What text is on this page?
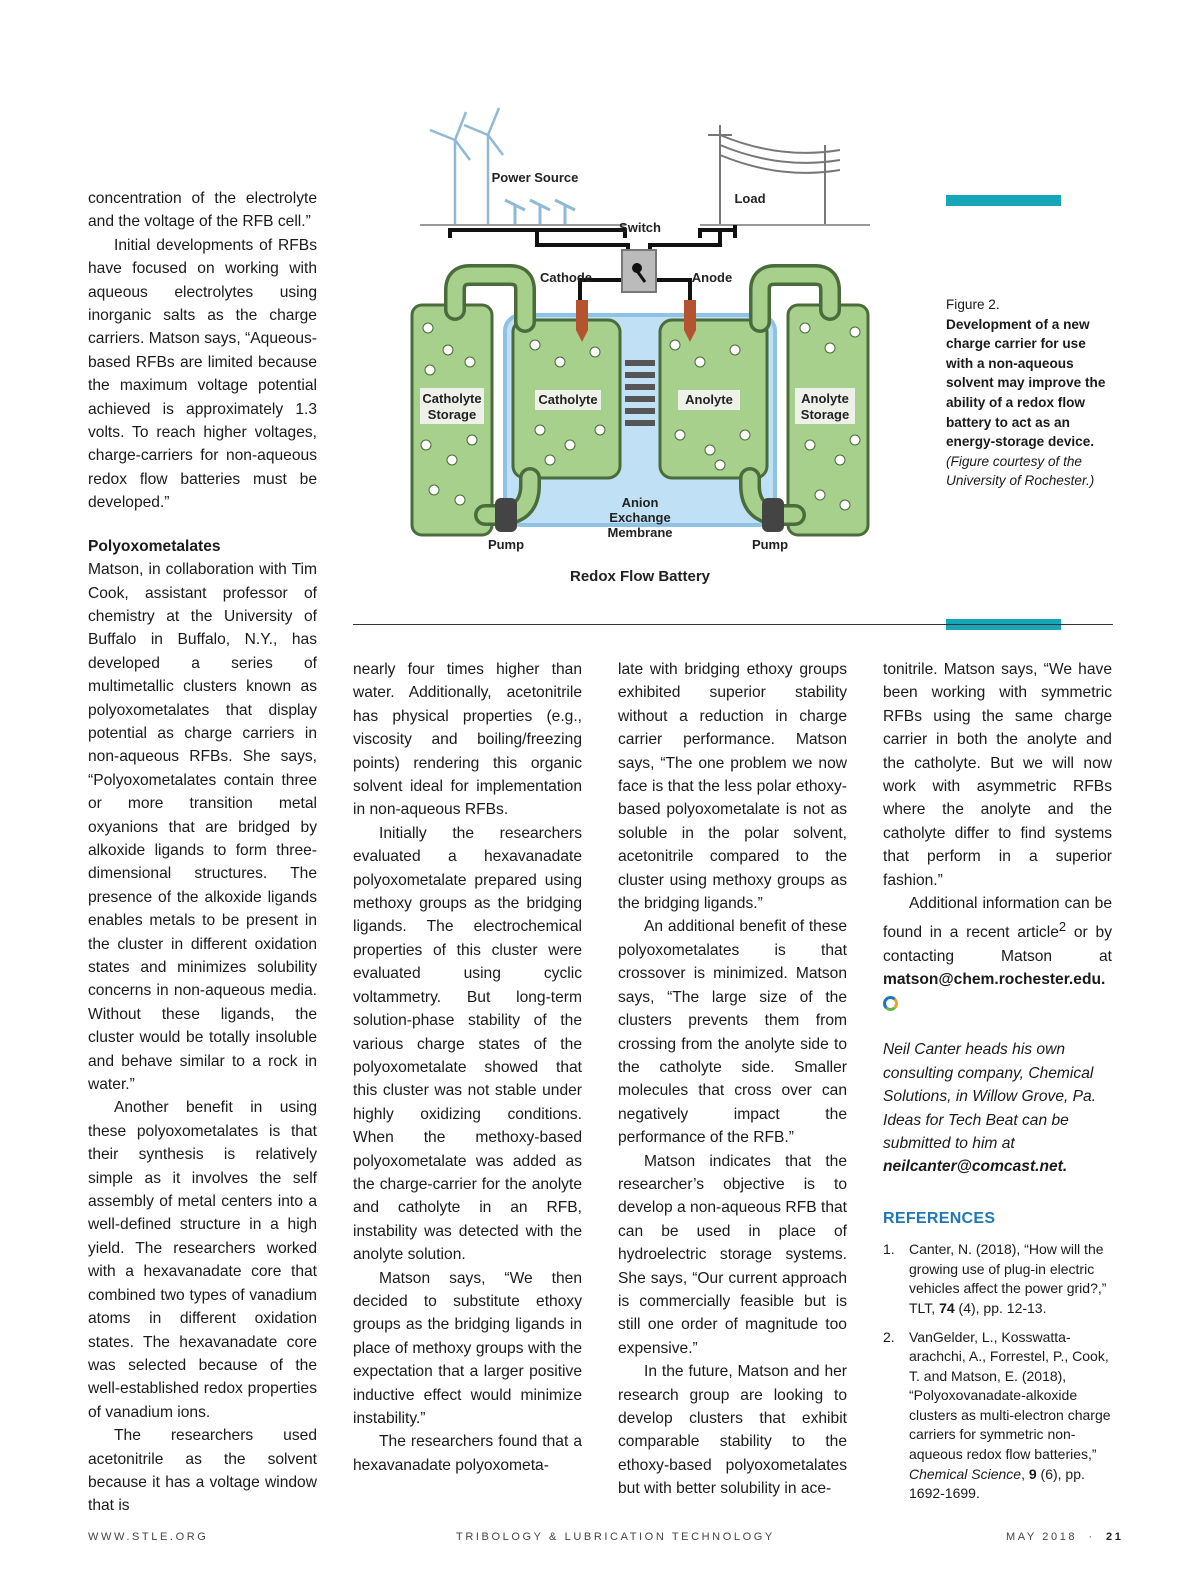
concentration of the electrolyte and the voltage of the RFB cell.”

Initial developments of RFBs have focused on working with aqueous electrolytes using inorganic salts as the charge carriers. Matson says, “Aqueous-based RFBs are limited because the maximum voltage potential achieved is approximately 1.3 volts. To reach higher voltages, charge-carriers for non-aqueous redox flow batteries must be developed.”

Polyoxometalates

Matson, in collaboration with Tim Cook, assistant professor of chemistry at the University of Buffalo in Buffalo, N.Y., has developed a series of multimetallic clusters known as polyoxometalates that display potential as charge carriers in non-aqueous RFBs. She says, “Polyoxometalates contain three or more transition metal oxyanions that are bridged by alkoxide ligands to form three-dimensional structures. The presence of the alkoxide ligands enables metals to be present in the cluster in different oxidation states and minimizes solubility concerns in non-aqueous media. Without these ligands, the cluster would be totally insoluble and behave similar to a rock in water.”

Another benefit in using these polyoxometalates is that their synthesis is relatively simple as it involves the self assembly of metal centers into a well-defined structure in a high yield. The researchers worked with a hexavanadate core that combined two types of vanadium atoms in different oxidation states. The hexavanadate core was selected because of the well-established redox properties of vanadium ions.

The researchers used acetonitrile as the solvent because it has a voltage window that is

Power Source
Load
Switch
Cathode	Anode
Catholyte
Storage
Catholyte	Anolyte	Anolyte
Storage
Anion
Exchange
Membrane
Pump	Pump
Redox Flow Battery
Figure 2.
Development of a new charge carrier for use with a non-aqueous solvent may improve the ability of a redox flow battery to act as an energy-storage device.
(Figure courtesy of the University of Rochester.)

nearly four times higher than water. Additionally, acetonitrile has physical properties (e.g., viscosity and boiling/freezing points) rendering this organic solvent ideal for implementation in non-aqueous RFBs.

Initially the researchers evaluated a hexavanadate polyoxometalate prepared using methoxy groups as the bridging ligands. The electrochemical properties of this cluster were evaluated using cyclic voltammetry. But long-term solution-phase stability of the various charge states of the polyoxometalate showed that this cluster was not stable under highly oxidizing conditions. When the methoxy-based polyoxometalate was added as the charge-carrier for the anolyte and catholyte in an RFB, instability was detected with the anolyte solution.

Matson says, “We then decided to substitute ethoxy groups as the bridging ligands in place of methoxy groups with the expectation that a larger positive inductive effect would minimize instability.”

The researchers found that a hexavanadate polyoxometa-

late with bridging ethoxy groups exhibited superior stability without a reduction in charge carrier performance. Matson says, “The one problem we now face is that the less polar ethoxy-based polyoxometalate is not as soluble in the polar solvent, acetonitrile compared to the cluster using methoxy groups as the bridging ligands.”

An additional benefit of these polyoxometalates is that crossover is minimized. Matson says, “The large size of the clusters prevents them from crossing from the anolyte side to the catholyte side. Smaller molecules that cross over can negatively impact the performance of the RFB.”

Matson indicates that the researcher’s objective is to develop a non-aqueous RFB that can be used in place of hydroelectric storage systems. She says, “Our current approach is commercially feasible but is still one order of magnitude too expensive.”

In the future, Matson and her research group are looking to develop clusters that exhibit comparable stability to the ethoxy-based polyoxometalates but with better solubility in ace-

tonitrile. Matson says, “We have been working with symmetric RFBs using the same charge carrier in both the anolyte and the catholyte. But we will now work with asymmetric RFBs where the anolyte and the catholyte differ to find systems that perform in a superior fashion.”

Additional information can be found in a recent article$^2$ or by contacting Matson at matson@chem.rochester.edu.

Neil Canter heads his own consulting company, Chemical Solutions, in Willow Grove, Pa. Ideas for Tech Beat can be submitted to him at neilcanter@comcast.net.

REFERENCES
1. Canter, N. (2018), “How will the growing use of plug-in electric vehicles affect the power grid?,” TLT, 74 (4), pp. 12-13.
2. VanGelder, L., Kosswatta-arachchi, A., Forrestel, P., Cook, T. and Matson, E. (2018), “Polyoxovanadate-alkoxide clusters as multi-electron charge carriers for symmetric non-aqueous redox flow batteries,” Chemical Science, 9 (6), pp. 1692-1699.
WWW.STLE.ORG	TRIBOLOGY & LUBRICATION TECHNOLOGY	MAY 2018 · 21
